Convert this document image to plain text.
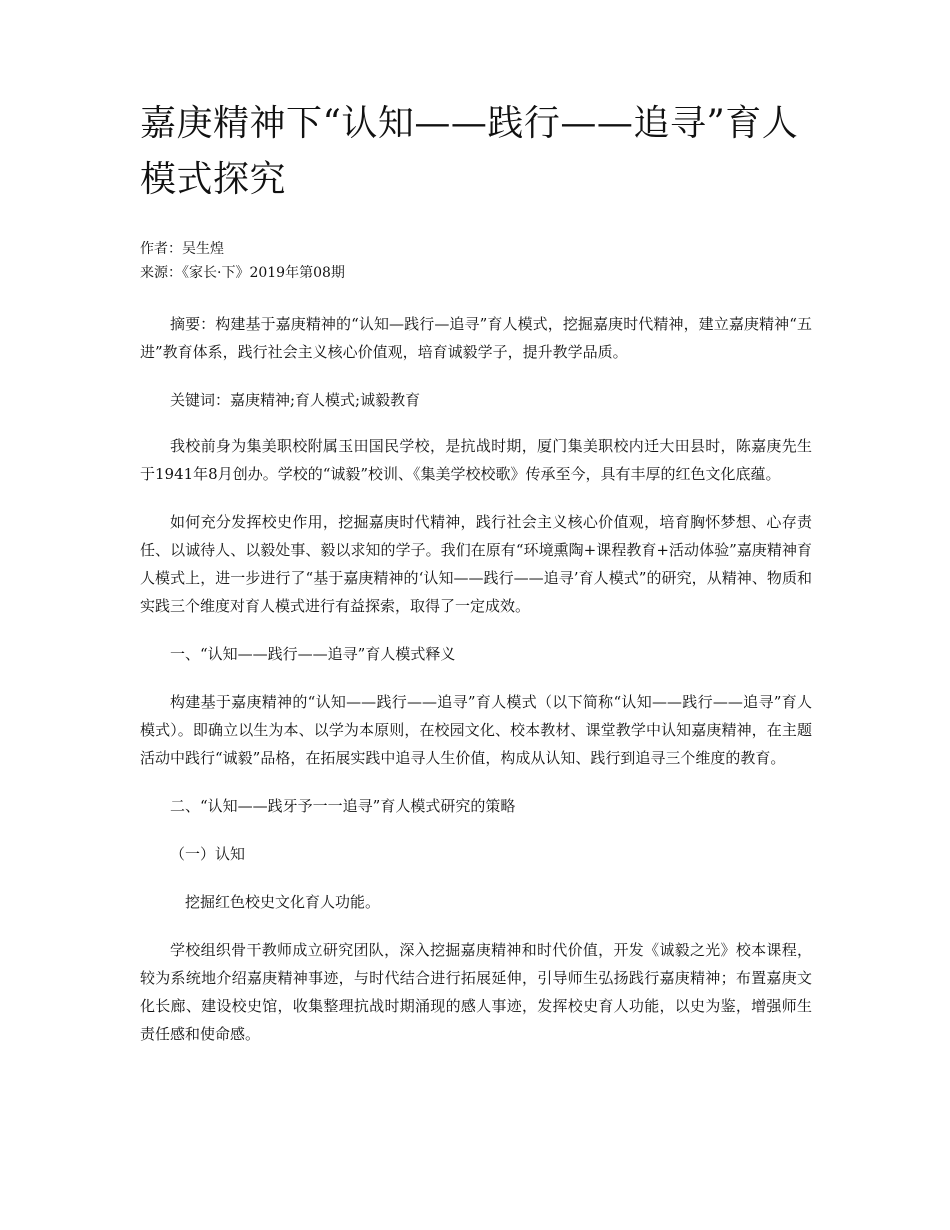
嘉庚精神下“认知——践行——追寻”育人模式探究
作者：吴生煌
来源：《家长·下》2019年第08期

摘要：构建基于嘉庚精神的“认知—践行—追寻”育人模式，挖掘嘉庚时代精神，建立嘉庚精神“五进”教育体系，践行社会主义核心价值观，培育诚毅学子，提升教学品质。

关键词：嘉庚精神;育人模式;诚毅教育

我校前身为集美职校附属玉田国民学校，是抗战时期，厦门集美职校内迁大田县时，陈嘉庚先生于1941年8月创办。学校的“诚毅”校训、《集美学校校歌》传承至今，具有丰厚的红色文化底蕴。

如何充分发挥校史作用，挖掘嘉庚时代精神，践行社会主义核心价值观，培育胸怀梦想、心存责任、以诚待人、以毅处事、毅以求知的学子。我们在原有“环境熏陶+课程教育+活动体验”嘉庚精神育人模式上，进一步进行了“基于嘉庚精神的‘认知——践行——追寻’育人模式”的研究，从精神、物质和实践三个维度对育人模式进行有益探索，取得了一定成效。

一、“认知——践行——追寻”育人模式释义

构建基于嘉庚精神的“认知——践行——追寻”育人模式（以下简称“认知——践行——追寻”育人模式）。即确立以生为本、以学为本原则，在校园文化、校本教材、课堂教学中认知嘉庚精神，在主题活动中践行“诚毅”品格，在拓展实践中追寻人生价值，构成从认知、践行到追寻三个维度的教育。

二、“认知——践牙予一一追寻”育人模式研究的策略

（一）认知

挖掘红色校史文化育人功能。

学校组织骨干教师成立研究团队，深入挖掘嘉庚精神和时代价值，开发《诚毅之光》校本课程，较为系统地介绍嘉庚精神事迹，与时代结合进行拓展延伸，引导师生弘扬践行嘉庚精神；布置嘉庚文化长廊、建设校史馆，收集整理抗战时期涌现的感人事迹，发挥校史育人功能，以史为鉴，增强师生责任感和使命感。
